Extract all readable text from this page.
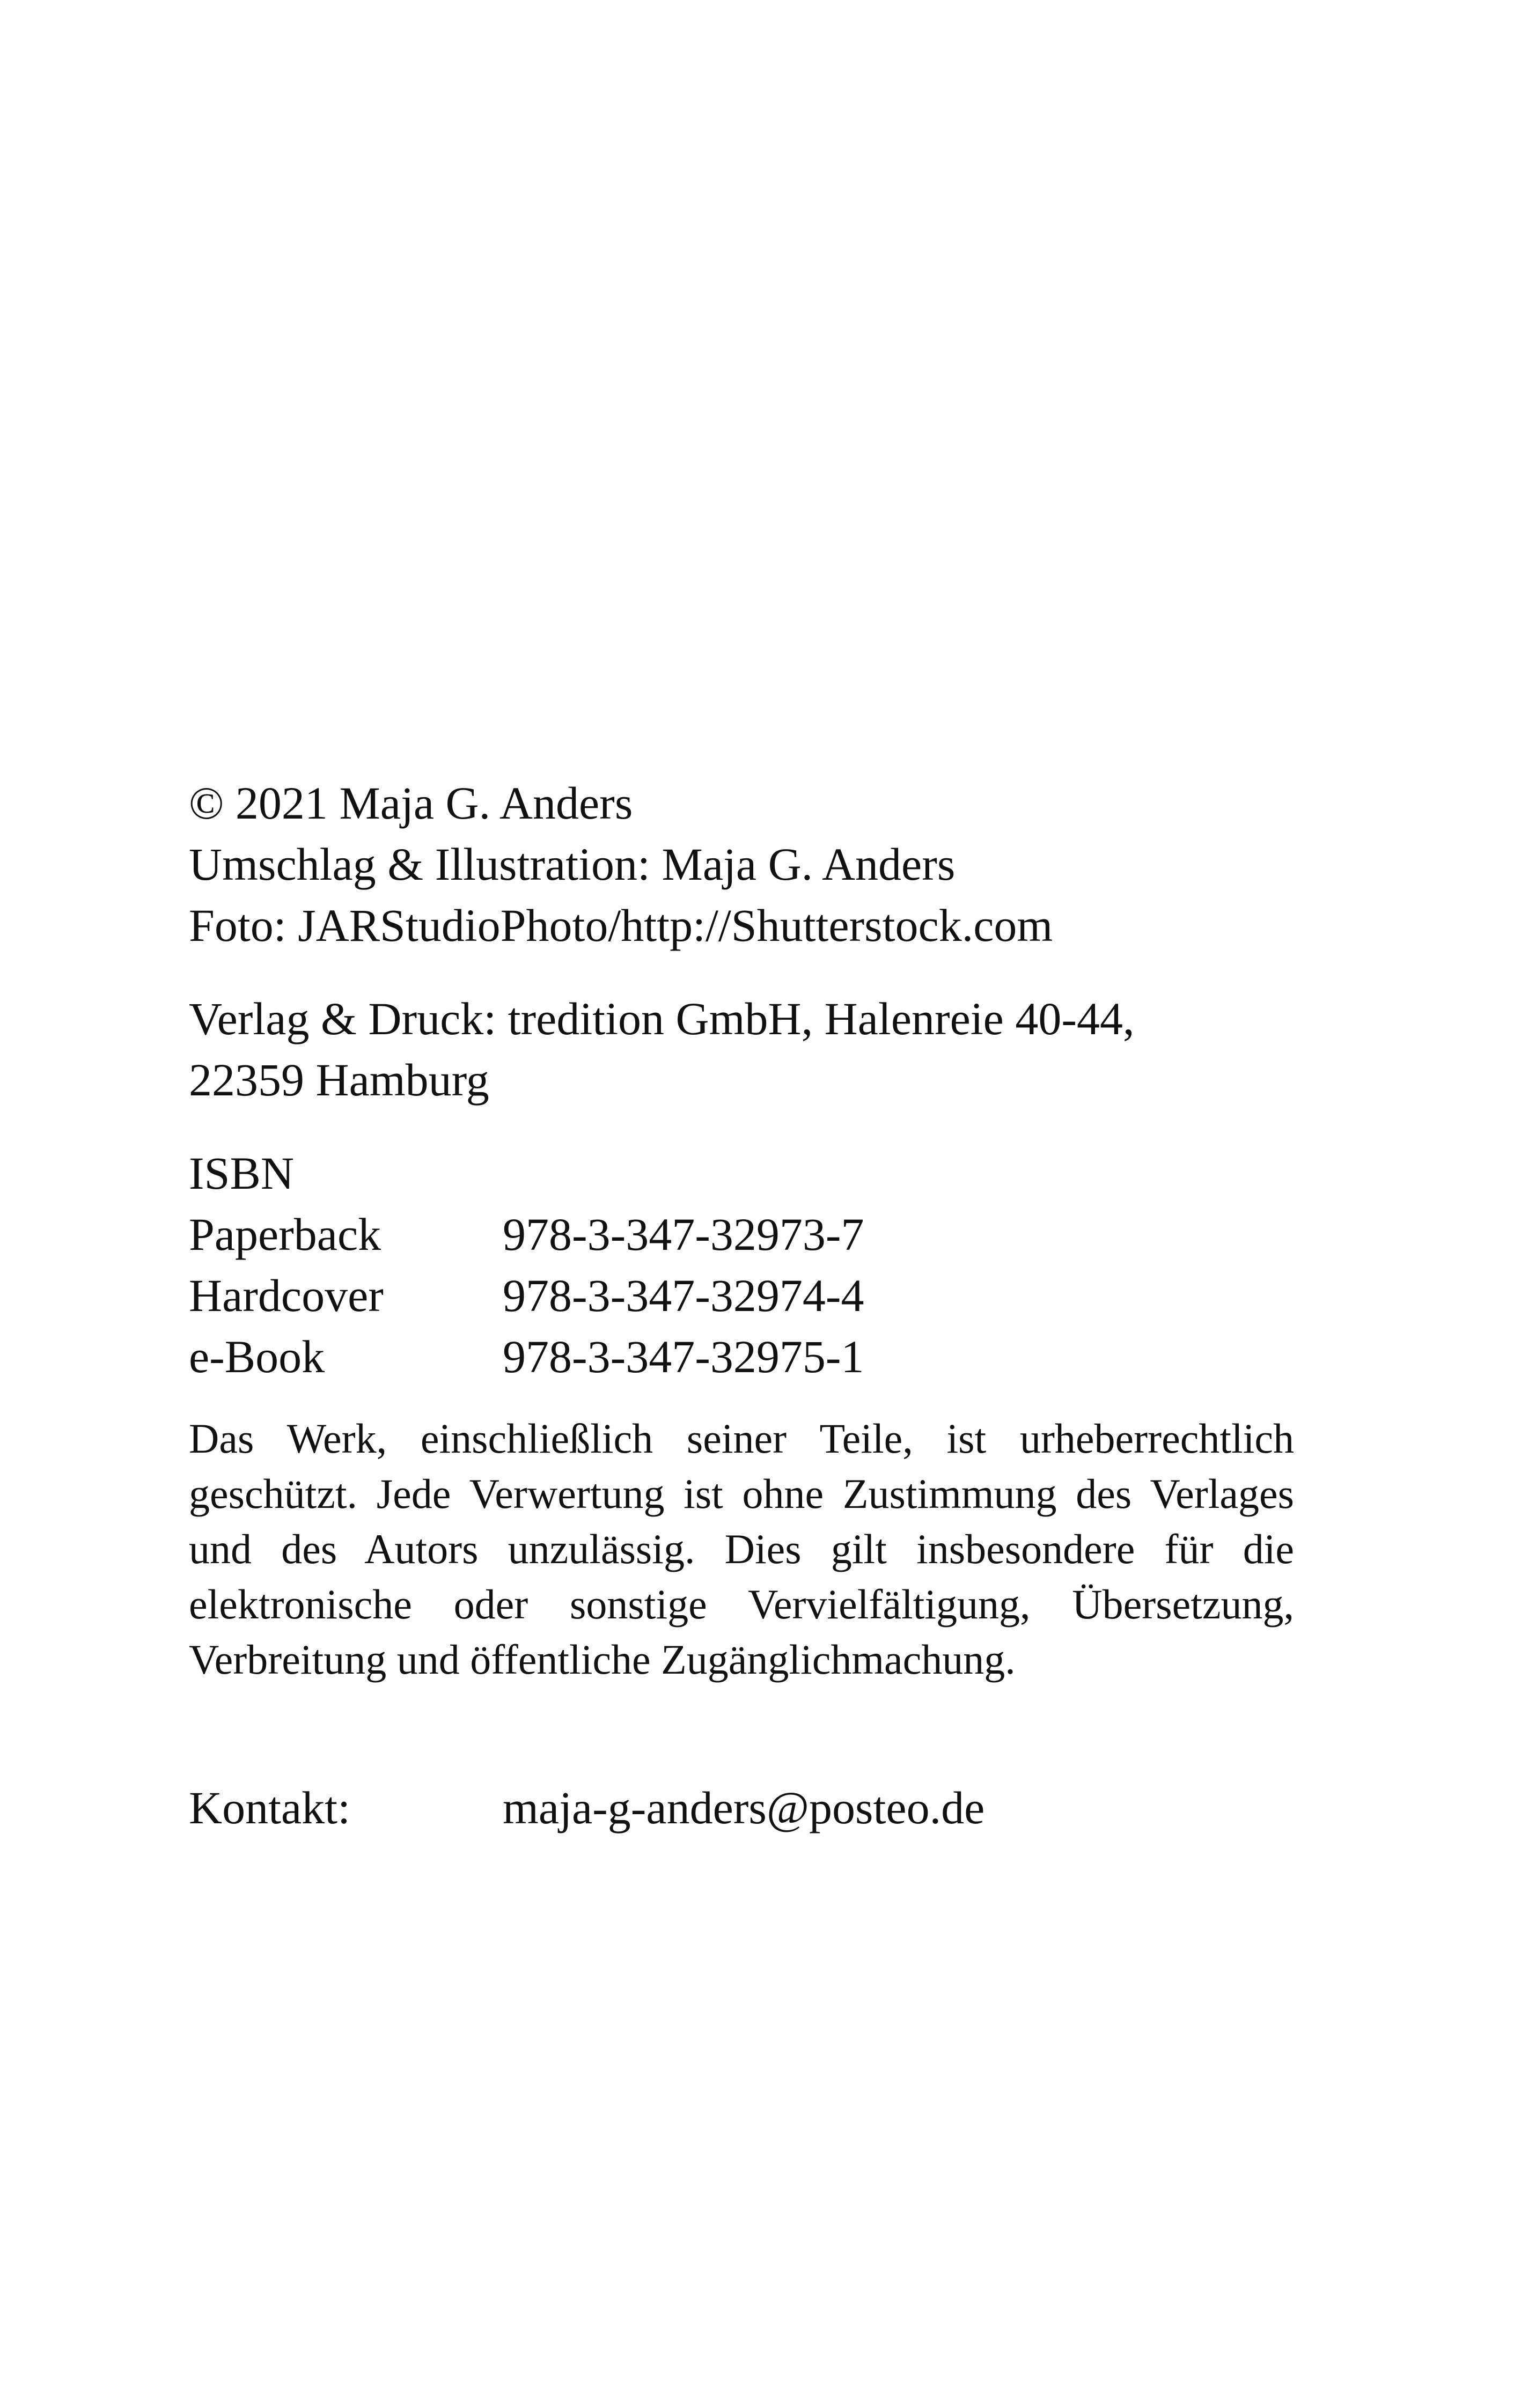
© 2021 Maja G. Anders

Umschlag & Illustration: Maja G. Anders

Foto: JARStudioPhoto/http://Shutterstock.com

Verlag & Druck: tredition GmbH, Halenreie 40-44,

22359 Hamburg

ISBN

Paperback	978-3-347-32973-7
Hardcover	978-3-347-32974-4
e-Book	978-3-347-32975-1

Das Werk, einschließlich seiner Teile, ist urheberrechtlich geschützt. Jede Verwertung ist ohne Zustimmung des Verlages und des Autors unzulässig. Dies gilt insbesondere für die elektronische oder sonstige Vervielfältigung, Übersetzung, Verbreitung und öffentliche Zugänglichmachung.

Kontakt:	maja-g-anders@posteo.de
